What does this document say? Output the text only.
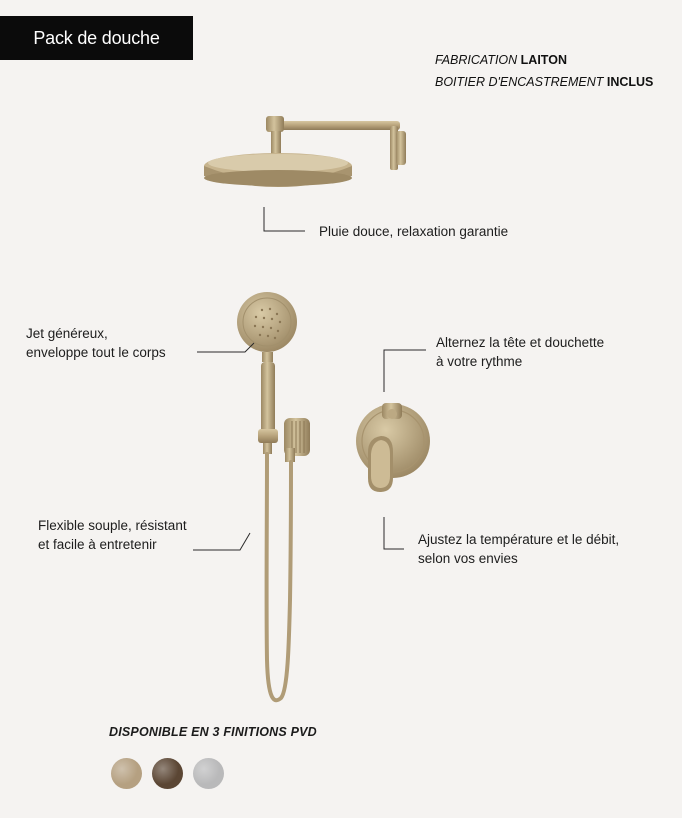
Pack de douche
FABRICATION LAITON
BOITIER D'ENCASTREMENT INCLUS
Pluie douce, relaxation garantie
Jet généreux,
enveloppe tout le corps
Alternez la tête et douchette
à votre rythme
Flexible souple, résistant
et facile à entretenir	Ajustez la température et le débit,
selon vos envies
DISPONIBLE EN 3 FINITIONS PVD
